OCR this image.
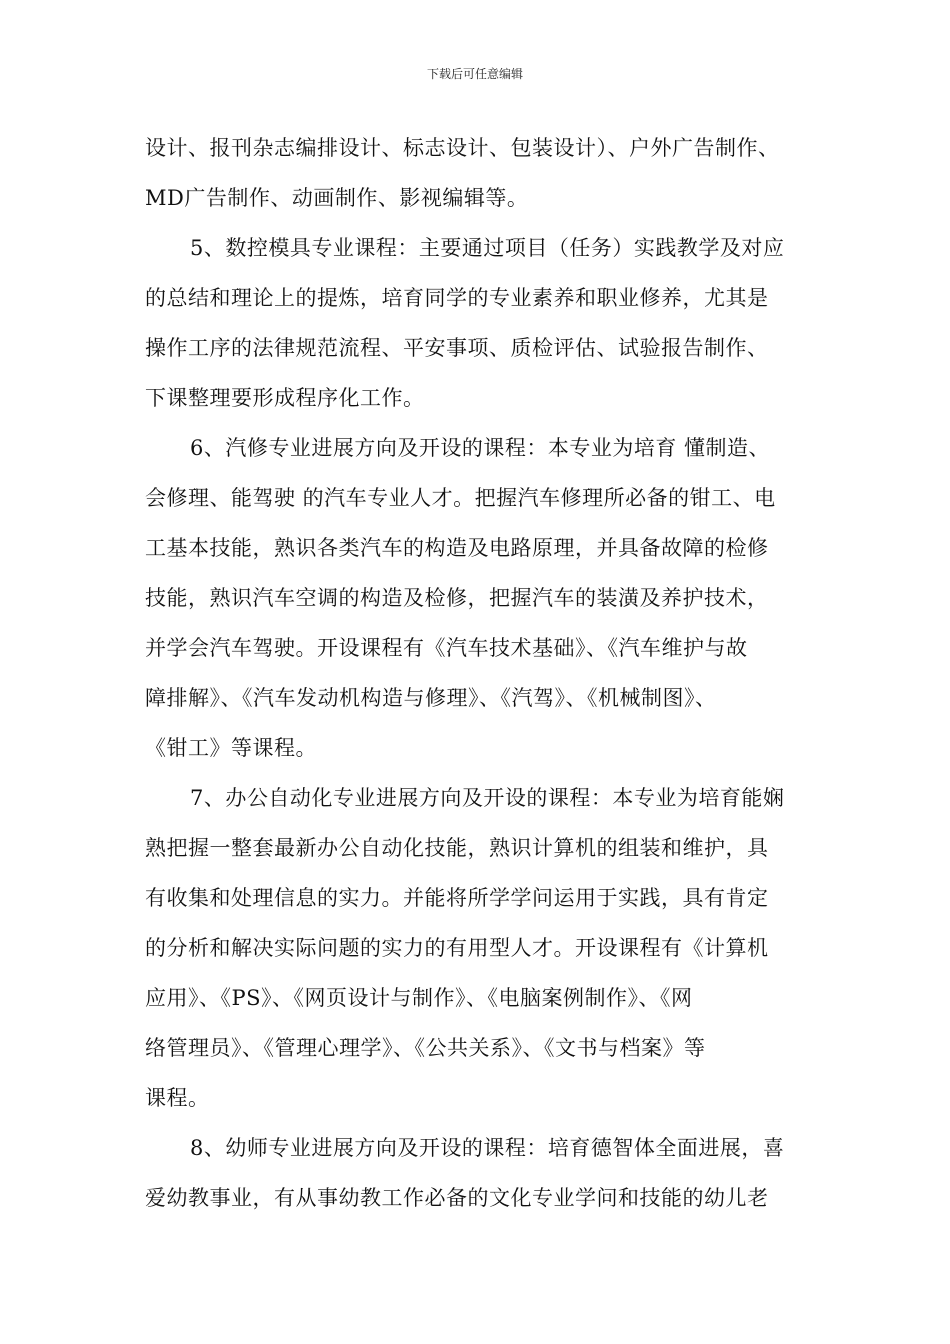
下载后可任意编辑
设计、报刊杂志编排设计、标志设计、包装设计）、户外广告制作、
MD广告制作、动画制作、影视编辑等。
5、数控模具专业课程：主要通过项目（任务）实践教学及对应
的总结和理论上的提炼，培育同学的专业素养和职业修养，尤其是
操作工序的法律规范流程、平安事项、质检评估、试验报告制作、
下课整理要形成程序化工作。
6、汽修专业进展方向及开设的课程：本专业为培育 懂制造、
会修理、能驾驶 的汽车专业人才。把握汽车修理所必备的钳工、电
工基本技能，熟识各类汽车的构造及电路原理，并具备故障的检修
技能，熟识汽车空调的构造及检修，把握汽车的装潢及养护技术，
并学会汽车驾驶。开设课程有《汽车技术基础》、《汽车维护与故
障排解》、《汽车发动机构造与修理》、《汽驾》、《机械制图》、
《钳工》等课程。
7、办公自动化专业进展方向及开设的课程：本专业为培育能娴
熟把握一整套最新办公自动化技能，熟识计算机的组装和维护，具
有收集和处理信息的实力。并能将所学学问运用于实践，具有肯定
的分析和解决实际问题的实力的有用型人才。开设课程有《计算机
应用》、《PS》、《网页设计与制作》、《电脑案例制作》、《网
络管理员》、《管理心理学》、《公共关系》、《文书与档案》等
课程。
8、幼师专业进展方向及开设的课程：培育德智体全面进展，喜
爱幼教事业，有从事幼教工作必备的文化专业学问和技能的幼儿老
